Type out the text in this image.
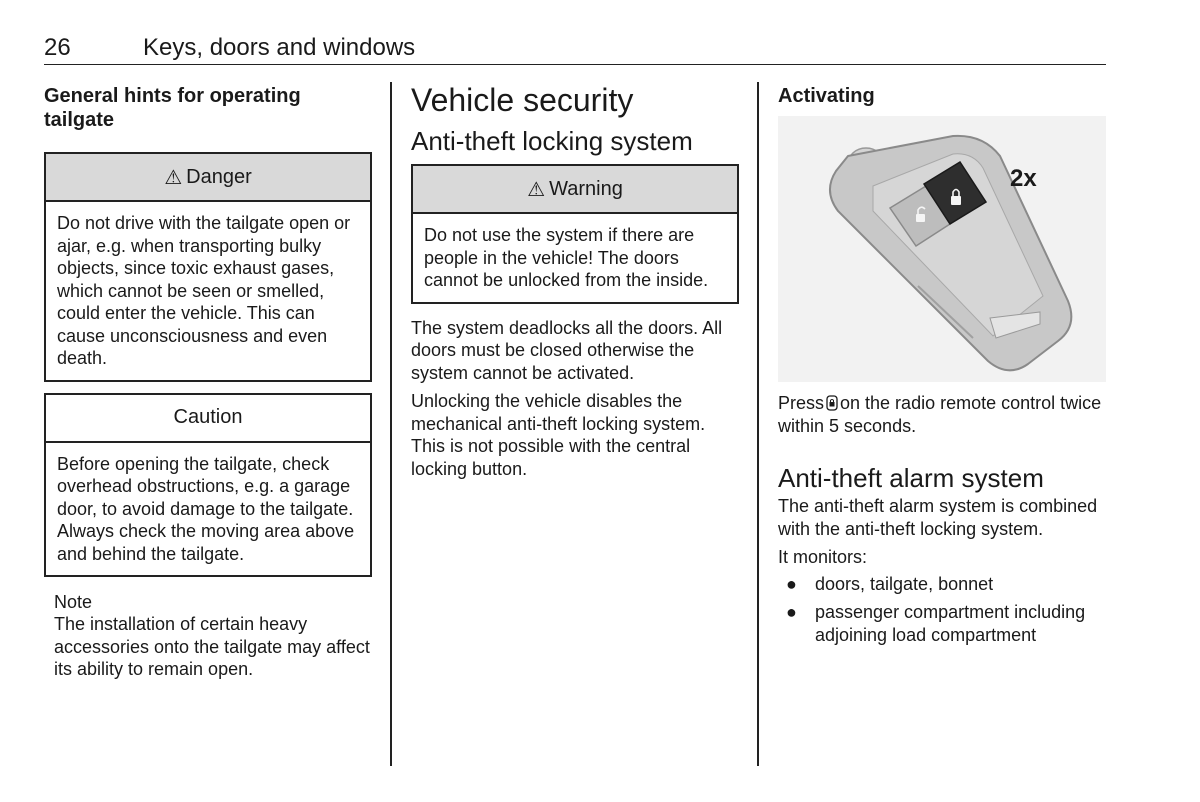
26	Keys, doors and windows
General hints for operating tailgate
⚠ Danger
Do not drive with the tailgate open or ajar, e.g. when transporting bulky objects, since toxic exhaust gases, which cannot be seen or smelled, could enter the vehicle. This can cause unconsciousness and even death.
Caution
Before opening the tailgate, check overhead obstructions, e.g. a garage door, to avoid damage to the tailgate. Always check the moving area above and behind the tailgate.
Note
The installation of certain heavy accessories onto the tailgate may affect its ability to remain open.
Vehicle security
Anti-theft locking system
⚠ Warning
Do not use the system if there are people in the vehicle! The doors cannot be unlocked from the inside.

The system deadlocks all the doors. All doors must be closed otherwise the system cannot be activated.

Unlocking the vehicle disables the mechanical anti-theft locking system. This is not possible with the central locking button.

Activating
2x

Press on the radio remote control twice within 5 seconds.

Anti-theft alarm system

The anti-theft alarm system is combined with the anti-theft locking system.

It monitors:

● doors, tailgate, bonnet
● passenger compartment including adjoining load compartment
